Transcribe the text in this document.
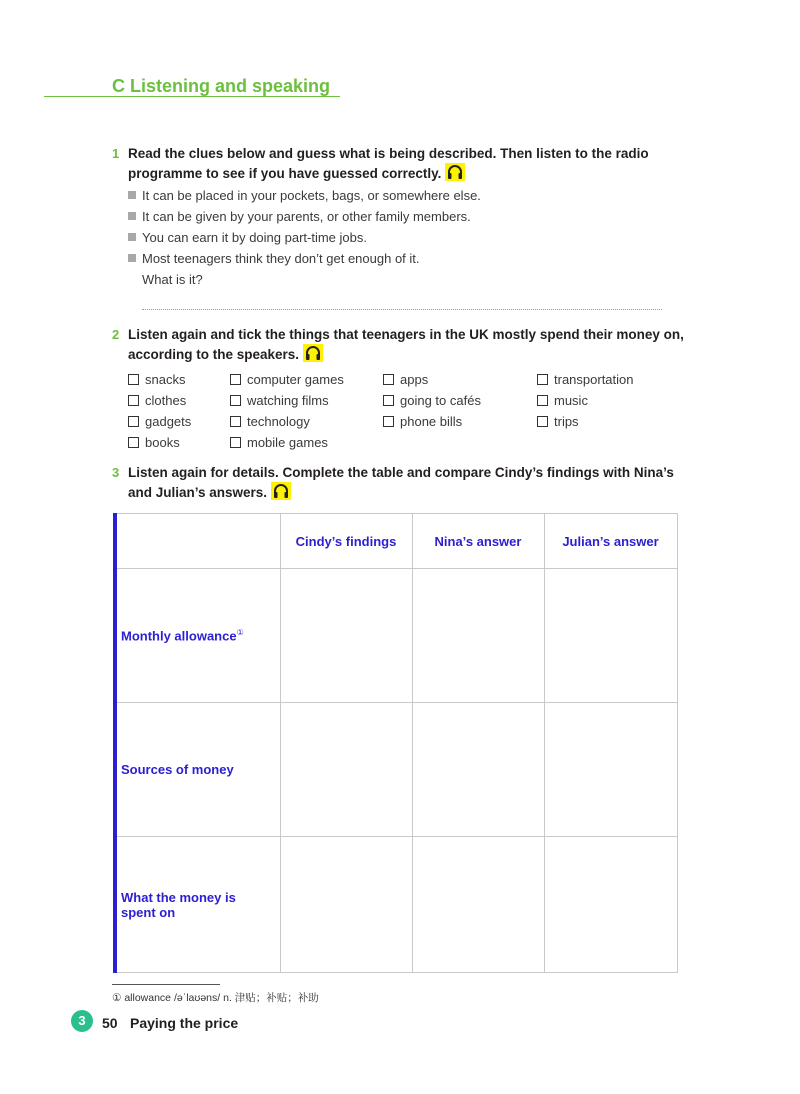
C Listening and speaking
1 Read the clues below and guess what is being described. Then listen to the radio
programme to see if you have guessed correctly.
It can be placed in your pockets, bags, or somewhere else.
It can be given by your parents, or other family members.
You can earn it by doing part-time jobs.
Most teenagers think they don’t get enough of it.
What is it?
2 Listen again and tick the things that teenagers in the UK mostly spend their money on,
according to the speakers.
snacks	computer games	apps	transportation
clothes	watching films	going to cafés	music
gadgets	technology	phone bills	trips
books	mobile games
3 Listen again for details. Complete the table and compare Cindy’s findings with Nina’s
and Julian’s answers.
	Cindy’s findings	Nina’s answer	Julian’s answer
Monthly allowance①			
Sources of money			
What the money is spent on			
① allowance /əˈlaʊəns/ n. 津贴；补贴；补助
3	50 Paying the price
